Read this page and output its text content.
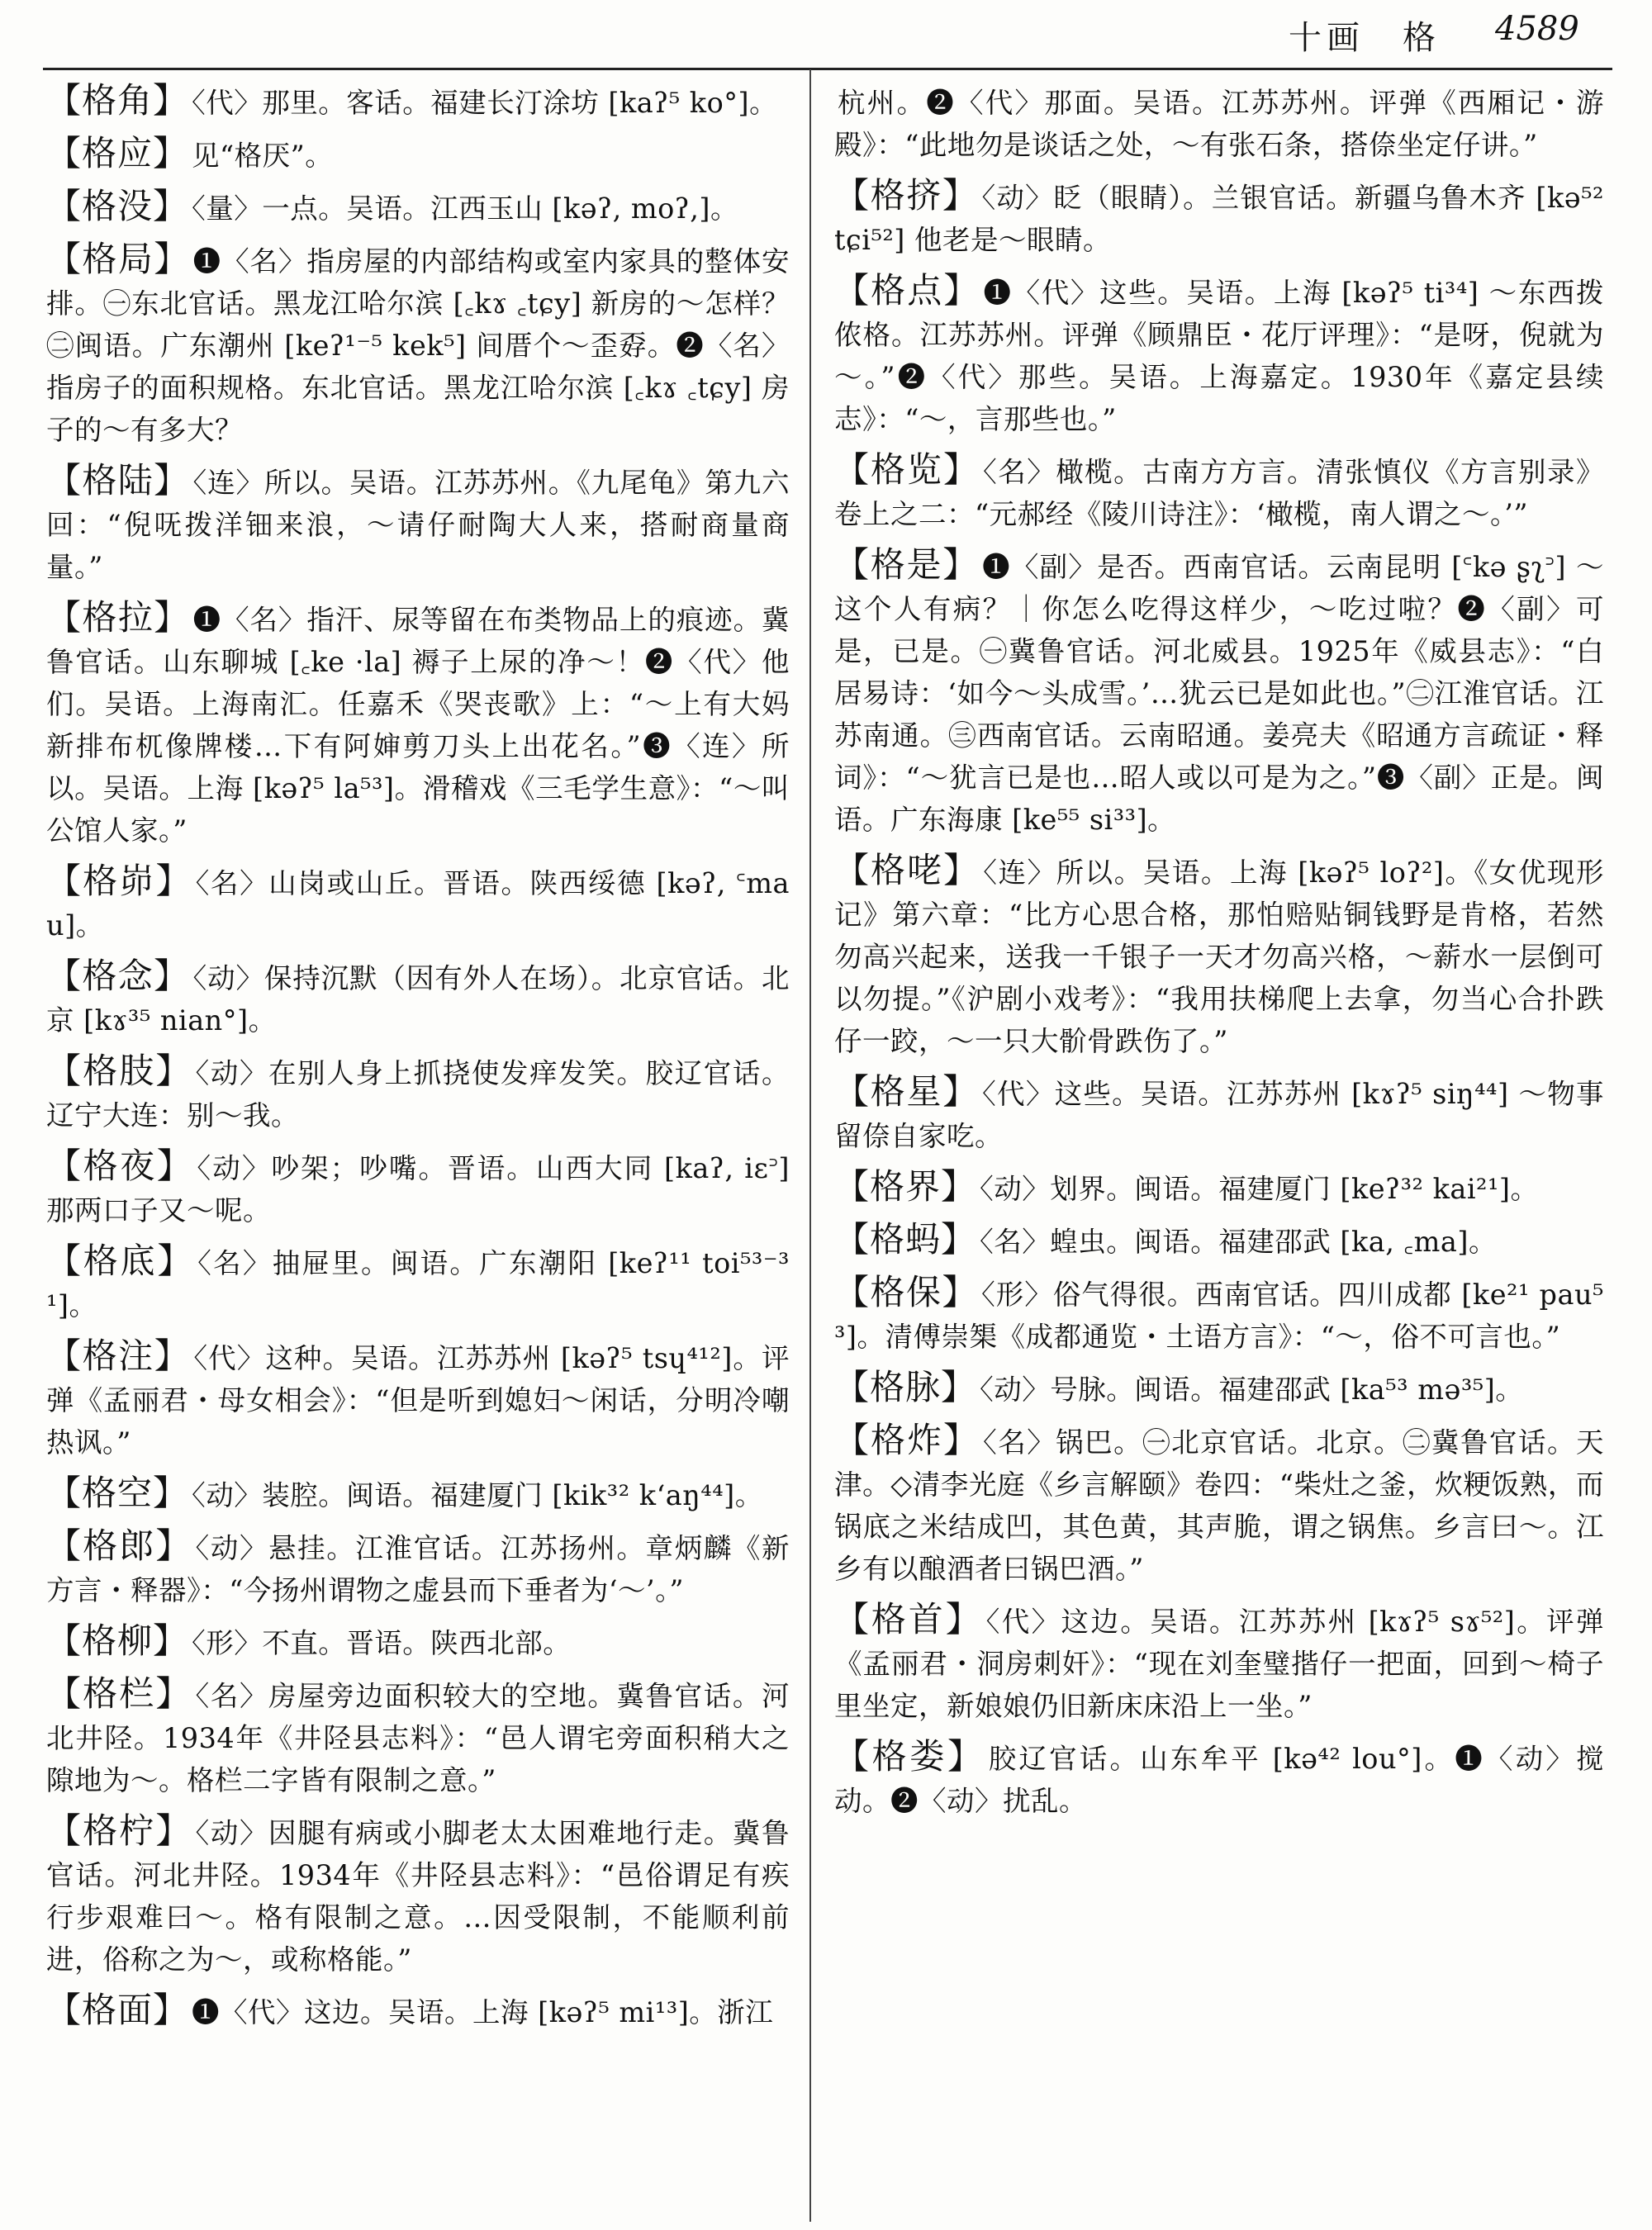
十画　格 4589

【格角】 〈代〉那里。客话。福建长汀涂坊 [kaʔ⁵ ko°]。

【格应】 见“格厌”。

【格没】 〈量〉一点。吴语。江西玉山 [kəʔ, moʔ,]。

【格局】 ❶〈名〉指房屋的内部结构或室内家具的整体安排。㊀东北官话。黑龙江哈尔滨 [꜀kɤ ꜀tɕy] 新房的～怎样？㊁闽语。广东潮州 [keʔ¹⁻⁵ kek⁵] 间厝个～歪孬。❷〈名〉指房子的面积规格。东北官话。黑龙江哈尔滨 [꜀kɤ ꜀tɕy] 房子的～有多大？

【格陆】 〈连〉所以。吴语。江苏苏州。《九尾龟》第九六回：“倪呒拨洋钿来浪，～请仔耐陶大人来，搭耐商量商量。”

【格拉】 ❶〈名〉指汗、尿等留在布类物品上的痕迹。冀鲁官话。山东聊城 [꜀ke ·la] 褥子上尿的净～！❷〈代〉他们。吴语。上海南汇。任嘉禾《哭丧歌》上：“～上有大妈新排布杌像牌楼…下有阿婶剪刀头上出花名。”❸〈连〉所以。吴语。上海 [kəʔ⁵ la⁵³]。滑稽戏《三毛学生意》：“～叫公馆人家。”

【格峁】 〈名〉山岗或山丘。晋语。陕西绥德 [kəʔ, ꜂mau]。

【格念】 〈动〉保持沉默（因有外人在场）。北京官话。北京 [kɤ³⁵ nian°]。

【格肢】 〈动〉在别人身上抓挠使发痒发笑。胶辽官话。辽宁大连：别～我。

【格夜】 〈动〉吵架；吵嘴。晋语。山西大同 [kaʔ, iɛ꜄] 那两口子又～呢。

【格底】 〈名〉抽屉里。闽语。广东潮阳 [keʔ¹¹ toi⁵³⁻³¹]。

【格注】 〈代〉这种。吴语。江苏苏州 [kəʔ⁵ tsɥ⁴¹²]。评弹《孟丽君・母女相会》：“但是听到媳妇～闲话，分明冷嘲热讽。”

【格空】 〈动〉装腔。闽语。福建厦门 [kik³² k‘aŋ⁴⁴]。

【格郎】 〈动〉悬挂。江淮官话。江苏扬州。章炳麟《新方言・释器》：“今扬州谓物之虚县而下垂者为‘～’。”

【格柳】 〈形〉不直。晋语。陕西北部。

【格栏】 〈名〉房屋旁边面积较大的空地。冀鲁官话。河北井陉。1934年《井陉县志料》：“邑人谓宅旁面积稍大之隙地为～。格栏二字皆有限制之意。”

【格柠】 〈动〉因腿有病或小脚老太太困难地行走。冀鲁官话。河北井陉。1934年《井陉县志料》：“邑俗谓足有疾行步艰难曰～。格有限制之意。…因受限制，不能顺利前进，俗称之为～，或称格能。”

【格面】 ❶〈代〉这边。吴语。上海 [kəʔ⁵ mi¹³]。浙江

杭州。❷〈代〉那面。吴语。江苏苏州。评弹《西厢记・游殿》：“此地勿是谈话之处，～有张石条，搭倷坐定仔讲。”

【格挤】 〈动〉眨（眼睛）。兰银官话。新疆乌鲁木齐 [kə⁵² tɕi⁵²] 他老是～眼睛。

【格点】 ❶〈代〉这些。吴语。上海 [kəʔ⁵ ti³⁴] ～东西拨侬格。江苏苏州。评弹《顾鼎臣・花厅评理》：“是呀，倪就为～。”❷〈代〉那些。吴语。上海嘉定。1930年《嘉定县续志》：“～，言那些也。”

【格览】 〈名〉橄榄。古南方方言。清张慎仪《方言别录》卷上之二：“元郝经《陵川诗注》：‘橄榄，南人谓之～。’”

【格是】 ❶〈副〉是否。西南官话。云南昆明 [꜂kə ʂʅ꜄] ～这个人有病？｜你怎么吃得这样少，～吃过啦？❷〈副〉可是，已是。㊀冀鲁官话。河北威县。1925年《威县志》：“白居易诗：‘如今～头成雪。’…犹云已是如此也。”㊁江淮官话。江苏南通。㊂西南官话。云南昭通。姜亮夫《昭通方言疏证・释词》：“～犹言已是也…昭人或以可是为之。”❸〈副〉正是。闽语。广东海康 [ke⁵⁵ si³³]。

【格咾】 〈连〉所以。吴语。上海 [kəʔ⁵ loʔ²]。《女优现形记》第六章：“比方心思合格，那怕赔贴铜钱野是肯格，若然勿高兴起来，送我一千银子一天才勿高兴格，～薪水一层倒可以勿提。”《沪剧小戏考》：“我用扶梯爬上去拿，勿当心合扑跌仔一跤，～一只大骱骨跌伤了。”

【格星】 〈代〉这些。吴语。江苏苏州 [kɤʔ⁵ siŋ⁴⁴] ～物事留倷自家吃。

【格界】 〈动〉划界。闽语。福建厦门 [keʔ³² kai²¹]。

【格蚂】 〈名〉蝗虫。闽语。福建邵武 [ka, ꜀ma]。

【格保】 〈形〉俗气得很。西南官话。四川成都 [ke²¹ pau⁵³]。清傅崇榘《成都通览・土语方言》：“～，俗不可言也。”

【格脉】 〈动〉号脉。闽语。福建邵武 [ka⁵³ mə³⁵]。

【格炸】 〈名〉锅巴。㊀北京官话。北京。㊁冀鲁官话。天津。◇清李光庭《乡言解颐》卷四：“柴灶之釜，炊粳饭熟，而锅底之米结成凹，其色黄，其声脆，谓之锅焦。乡言曰～。江乡有以酿酒者曰锅巴酒。”

【格首】 〈代〉这边。吴语。江苏苏州 [kɤʔ⁵ sɤ⁵²]。评弹《孟丽君・洞房刺奸》：“现在刘奎璧揩仔一把面，回到～椅子里坐定，新娘娘仍旧新床床沿上一坐。”

【格娄】 胶辽官话。山东牟平 [kə⁴² lou°]。❶〈动〉搅动。❷〈动〉扰乱。
